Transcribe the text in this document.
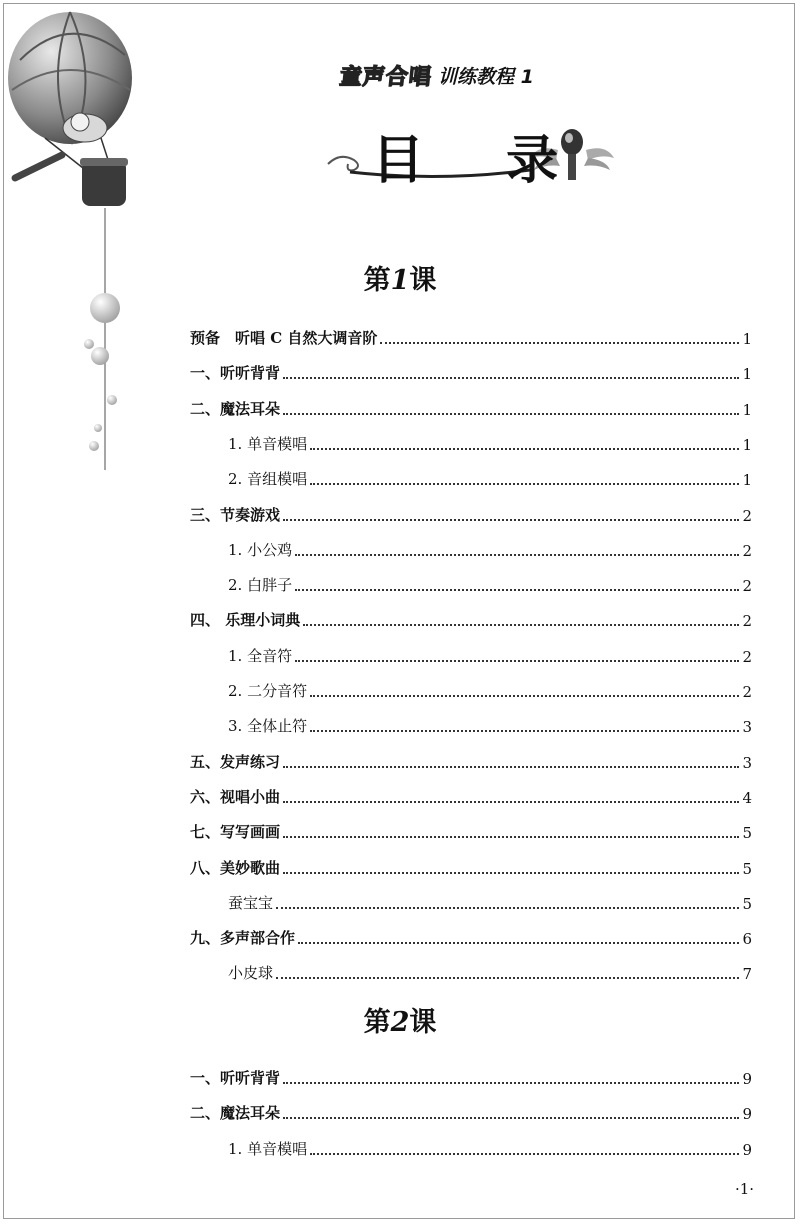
童声合唱 训练教程 1
目 录
第1课
预备　听唱 C 自然大调音阶	1
一、听听背背	1
二、魔法耳朵	1
1. 单音模唱	1
2. 音组模唱	1
三、节奏游戏	2
1. 小公鸡	2
2. 白胖子	2
四、 乐理小词典	2
1. 全音符	2
2. 二分音符	2
3. 全体止符	3
五、发声练习	3
六、视唱小曲	4
七、写写画画	5
八、美妙歌曲	5
蚕宝宝	5
九、多声部合作	6
小皮球	7
第2课
一、听听背背	9
二、魔法耳朵	9
1. 单音模唱	9
·1·
